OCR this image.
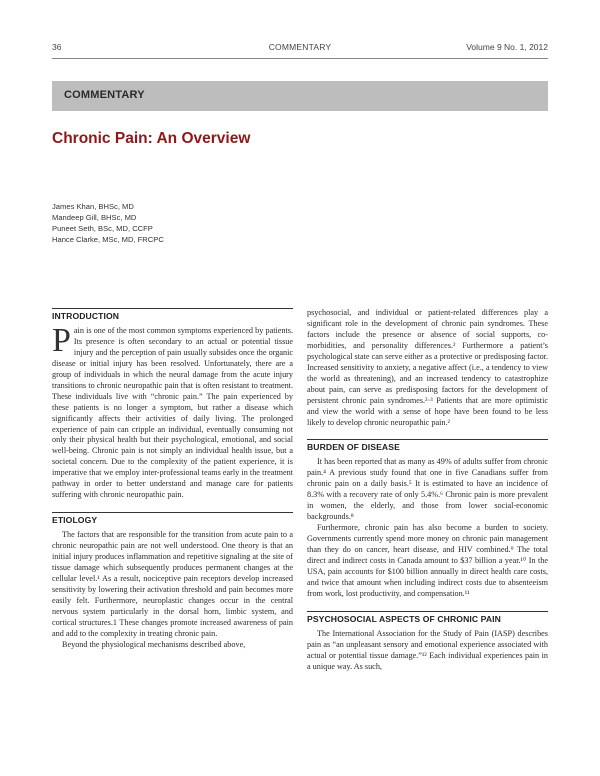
36	COMMENTARY	Volume 9 No. 1, 2012
COMMENTARY
Chronic Pain: An Overview
James Khan, BHSc, MD
Mandeep Gill, BHSc, MD
Puneet Seth, BSc, MD, CCFP
Hance Clarke, MSc, MD, FRCPC
INTRODUCTION

Pain is one of the most common symptoms experienced by patients. Its presence is often secondary to an actual or potential tissue injury and the perception of pain usually subsides once the organic disease or initial injury has been resolved. Unfortunately, there are a group of individuals in which the neural damage from the acute injury transitions to chronic neuropathic pain that is often resistant to treatment. These individuals live with “chronic pain.” The pain experienced by these patients is no longer a symptom, but rather a disease which significantly affects their activities of daily living. The prolonged experience of pain can cripple an individual, eventually consuming not only their physical health but their psychological, emotional, and social well-being. Chronic pain is not simply an individual health issue, but a societal concern. Due to the complexity of the patient experience, it is imperative that we employ inter-professional teams early in the treatment pathway in order to better understand and manage care for patients suffering with chronic neuropathic pain.

ETIOLOGY

The factors that are responsible for the transition from acute pain to a chronic neuropathic pain are not well understood. One theory is that an initial injury produces inflammation and repetitive signaling at the site of tissue damage which subsequently produces permanent changes at the cellular level.¹ As a result, nociceptive pain receptors develop increased sensitivity by lowering their activation threshold and pain becomes more easily felt. Furthermore, neuroplastic changes occur in the central nervous system particularly in the dorsal horn, limbic system, and cortical structures.1 These changes promote increased awareness of pain and add to the complexity in treating chronic pain.

Beyond the physiological mechanisms described above,

psychosocial, and individual or patient-related differences play a significant role in the development of chronic pain syndromes. These factors include the presence or absence of social supports, co-morbidities, and personality differences.² Furthermore a patient’s psychological state can serve either as a protective or predisposing factor. Increased sensitivity to anxiety, a negative affect (i.e., a tendency to view the world as threatening), and an increased tendency to catastrophize about pain, can serve as predisposing factors for the development of persistent chronic pain syndromes.²·³ Patients that are more optimistic and view the world with a sense of hope have been found to be less likely to develop chronic neuropathic pain.²

BURDEN OF DISEASE

It has been reported that as many as 49% of adults suffer from chronic pain.⁴ A previous study found that one in five Canadians suffer from chronic pain on a daily basis.⁵ It is estimated to have an incidence of 8.3% with a recovery rate of only 5.4%.⁶ Chronic pain is more prevalent in women, the elderly, and those from lower social-economic backgrounds.⁸

Furthermore, chronic pain has also become a burden to society. Governments currently spend more money on chronic pain management than they do on cancer, heart disease, and HIV combined.⁹ The total direct and indirect costs in Canada amount to $37 billion a year.¹⁰ In the USA, pain accounts for $100 billion annually in direct health care costs, and twice that amount when including indirect costs due to absenteeism from work, lost productivity, and compensation.¹¹

PSYCHOSOCIAL ASPECTS OF CHRONIC PAIN

The International Association for the Study of Pain (IASP) describes pain as “an unpleasant sensory and emotional experience associated with actual or potential tissue damage.”¹² Each individual experiences pain in a unique way. As such,
